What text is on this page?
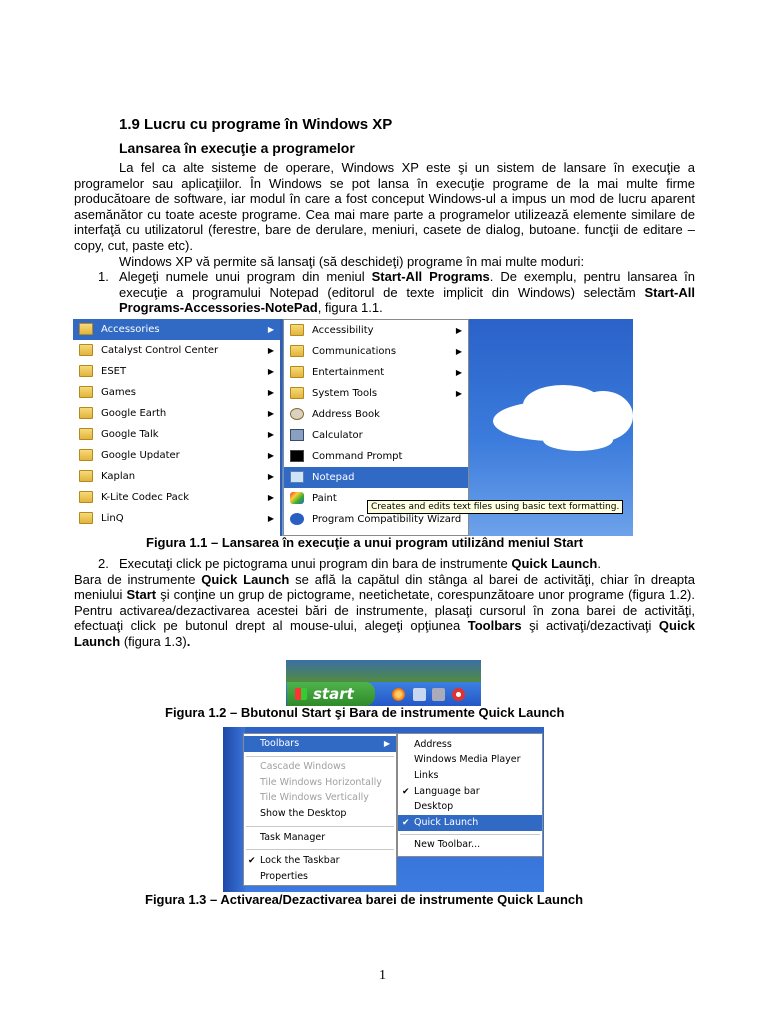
1.9 Lucru cu programe în Windows XP
Lansarea în execuţie a programelor

La fel ca alte sisteme de operare, Windows XP este şi un sistem de lansare în execuţie a programelor sau aplicaţiilor. În Windows se pot lansa în execuţie programe de la mai multe firme producătoare de software, iar modul în care a fost conceput Windows-ul a impus un mod de lucru aparent asemănător cu toate aceste programe. Cea mai mare parte a programelor utilizează elemente similare de interfaţă cu utilizatorul (ferestre, bare de derulare, meniuri, casete de dialog, butoane. funcţii de editare – copy, cut, paste etc).

Windows XP vă permite să lansaţi (să deschideţi) programe în mai multe moduri:

1. Alegeţi numele unui program din meniul Start-All Programs. De exemplu, pentru lansarea în execuţie a programului Notepad (editorul de texte implicit din Windows) selectăm Start-All Programs-Accessories-NotePad, figura 1.1.

Accessories	▶
Catalyst Control Center	▶
ESET	▶
Games	▶
Google Earth	▶
Google Talk	▶
Google Updater	▶
Kaplan	▶
K-Lite Codec Pack	▶
LinQ	▶
Accessibility	▶
Communications	▶
Entertainment	▶
System Tools	▶
Address Book
Calculator
Command Prompt
Notepad
Paint
Program Compatibility Wizard
Creates and edits text files using basic text formatting.
Figura 1.1 – Lansarea în execuţie a unui program utilizând meniul Start

2. Executaţi click pe pictograma unui program din bara de instrumente Quick Launch.

Bara de instrumente Quick Launch se află la capătul din stânga al barei de activităţi, chiar în dreapta meniului Start şi conţine un grup de pictograme, neetichetate, corespunzătoare unor programe (figura 1.2). Pentru activarea/dezactivarea acestei bări de instrumente, plasaţi cursorul în zona barei de activităţi, efectuaţi click pe butonul drept al mouse-ului, alegeţi opţiunea Toolbars şi activaţi/dezactivaţi Quick Launch (figura 1.3).

start
Figura 1.2 – Bbutonul Start şi Bara de instrumente Quick Launch
Toolbars	▶
Cascade Windows
Tile Windows Horizontally
Tile Windows Vertically
Show the Desktop
Task Manager
✔ Lock the Taskbar
Properties
Address
Windows Media Player
Links
✔ Language bar
Desktop
✔ Quick Launch
New Toolbar...
Figura 1.3 – Activarea/Dezactivarea barei de instrumente Quick Launch
1
